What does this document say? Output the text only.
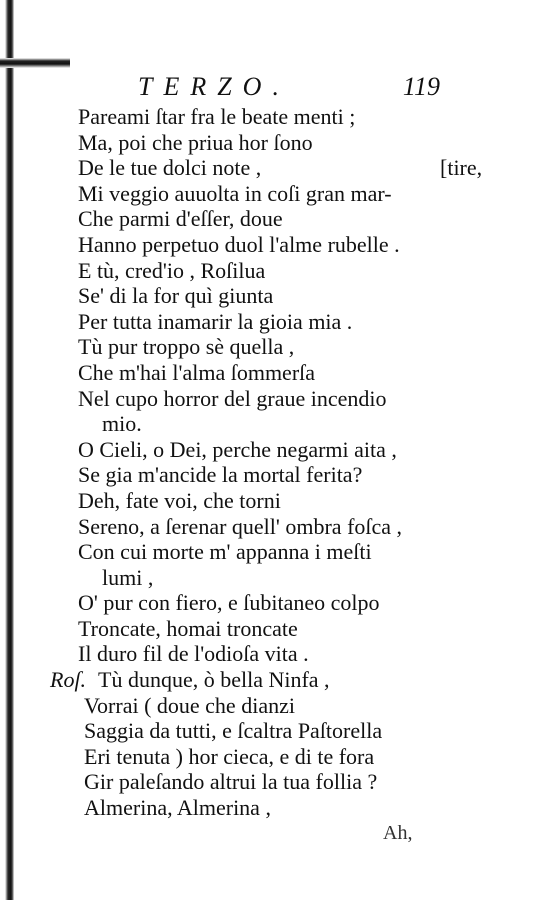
TERZO.	119
Pareami ſtar fra le beate menti ;
Ma, poi che priua hor ſono
De le tue dolci note ,	[tire,
Mi veggio auuolta in coſi gran mar-
Che parmi d'eſſer, doue
Hanno perpetuo duol l'alme rubelle .
E tù, cred'io , Roſilua
Se' di la for quì giunta
Per tutta inamarir la gioia mia .
Tù pur troppo sè quella ,
Che m'hai l'alma ſommerſa
Nel cupo horror del graue incendio
mio.
O Cieli, o Dei, perche negarmi aita ,
Se gia m'ancide la mortal ferita?
Deh, fate voi, che torni
Sereno, a ſerenar quell' ombra foſca ,
Con cui morte m' appanna i meſti
lumi ,
O' pur con fiero, e ſubitaneo colpo
Troncate, homai troncate
Il duro fil de l'odioſa vita .
Roſ. Tù dunque, ò bella Ninfa ,
Vorrai ( doue che dianzi
Saggia da tutti, e ſcaltra Paſtorella
Eri tenuta ) hor cieca, e di te fora
Gir paleſando altrui la tua follia ?
Almerina, Almerina ,
Ah,
